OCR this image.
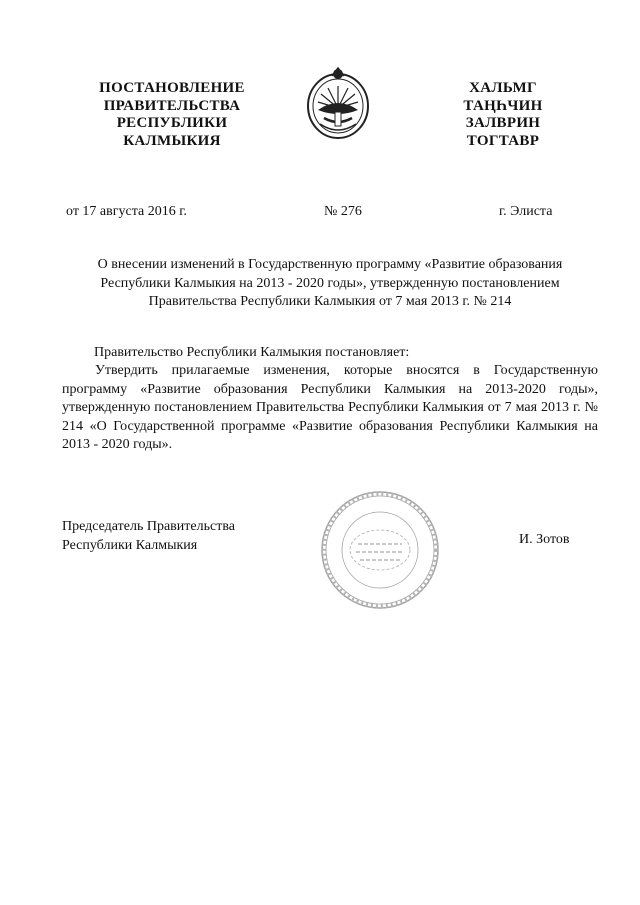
ПОСТАНОВЛЕНИЕ
ПРАВИТЕЛЬСТВА
РЕСПУБЛИКИ
КАЛМЫКИЯ
ХАЛЬМГ
ТАҢҺЧИН
ЗАЛВРИН
ТОГТАВР
от 17 августа 2016 г.	№ 276	г. Элиста
О внесении изменений в Государственную программу «Развитие образования
Республики Калмыкия на 2013 - 2020 годы», утвержденную постановлением
Правительства Республики Калмыкия от 7 мая 2013 г. № 214
Правительство Республики Калмыкия постановляет:
Утвердить прилагаемые изменения, которые вносятся в Государственную программу «Развитие образования Республики Калмыкия на 2013-2020 годы», утвержденную постановлением Правительства Республики Калмыкия от 7 мая 2013 г. № 214 «О Государственной программе «Развитие образования Республики Калмыкия на 2013 - 2020 годы».
Председатель Правительства
Республики Калмыкия	И. Зотов
